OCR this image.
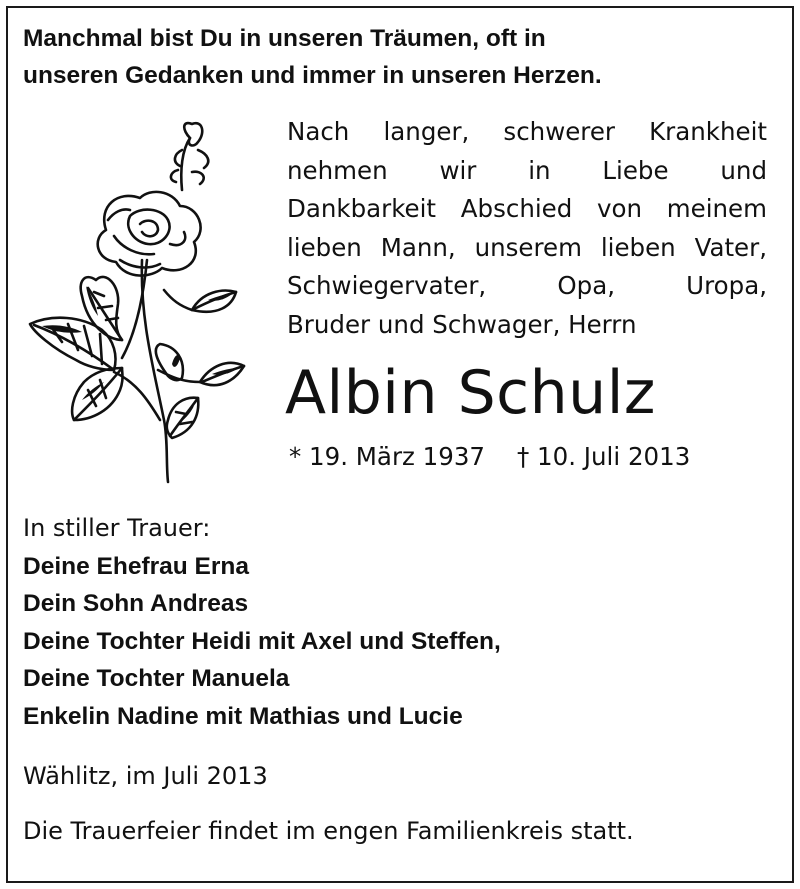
Manchmal bist Du in unseren Träumen, oft in
unseren Gedanken und immer in unseren Herzen.
Nach langer, schwerer Krankheit
nehmen wir in Liebe und
Dankbarkeit Abschied von meinem
lieben Mann, unserem lieben Vater,
Schwiegervater, Opa, Uropa,
Bruder und Schwager, Herrn
Albin Schulz
* 19. März 1937 † 10. Juli 2013
In stiller Trauer:
Deine Ehefrau Erna
Dein Sohn Andreas
Deine Tochter Heidi mit Axel und Steffen,
Deine Tochter Manuela
Enkelin Nadine mit Mathias und Lucie
Wählitz, im Juli 2013
Die Trauerfeier findet im engen Familienkreis statt.
